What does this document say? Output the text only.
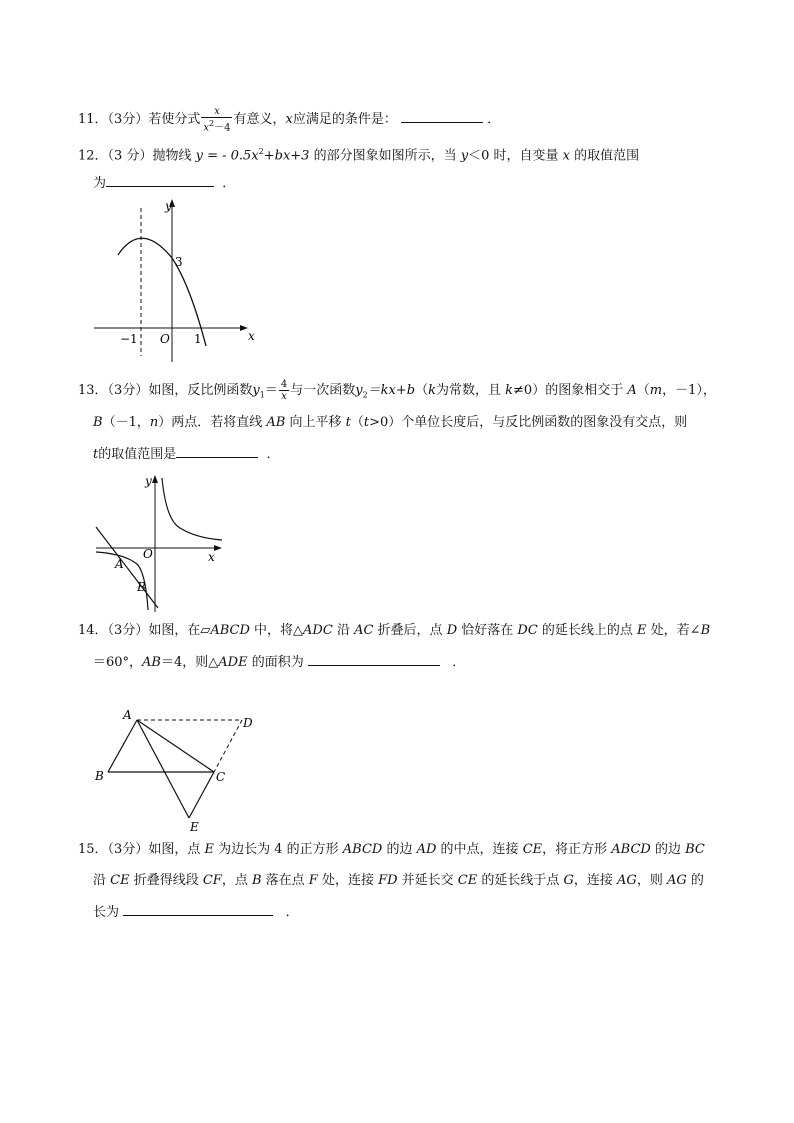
11．（3分）若使分式 $\frac{x}{x^2-4}$ 有意义，x应满足的条件是：	．
12．（3 分）抛物线 y = - $0.5x^2+bx+3$ 的部分图象如图所示，当 y＜0 时，自变量 x 的取值范围
为	．
y
x
3
−1 O 1
y
x
O
A
B
A
B	C
D
E
13．（3分）如图，反比例函数$y_1= \frac{4}{x}$ 与一次函数$y_2=kx+b(k$为常数，且 k≠0）的图象相交于 A（m，－1），
B（－1，n）两点．若将直线 AB 向上平移 t（t>0）个单位长度后，与反比例函数的图象没有交点，则
t的取值范围是	．
14．（3分）如图，在▱ABCD 中，将△ADC 沿 AC 折叠后，点 D 恰好落在 DC 的延长线上的点 E 处，若∠B
＝60°，AB＝4，则△ADE 的面积为	．
15．（3分）如图，点 E 为边长为 4 的正方形 ABCD 的边 AD 的中点，连接 CE，将正方形 ABCD 的边 BC
沿 CE 折叠得线段 CF，点 B 落在点 F 处，连接 FD 并延长交 CE 的延长线于点 G，连接 AG，则 AG 的
长为	．
